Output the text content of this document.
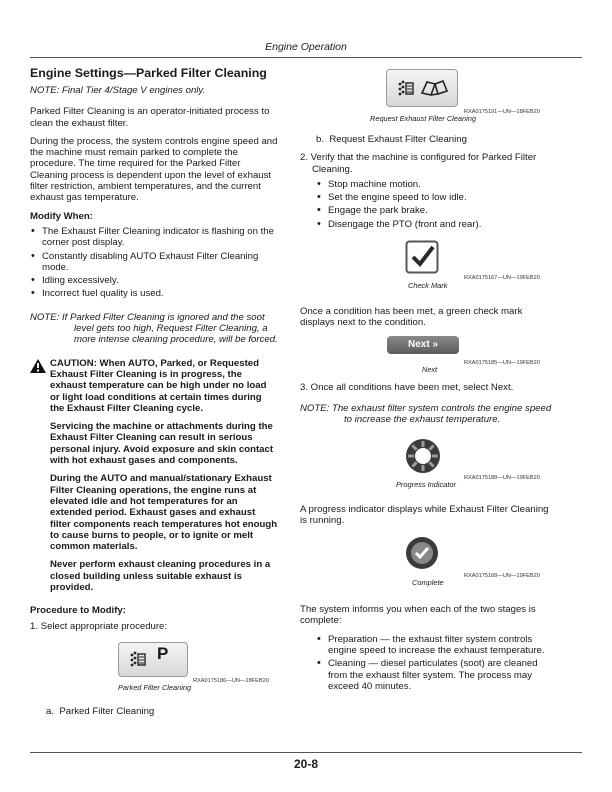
Engine Operation
Engine Settings—Parked Filter Cleaning

NOTE: Final Tier 4/Stage V engines only.

Parked Filter Cleaning is an operator-initiated process to clean the exhaust filter.

During the process, the system controls engine speed and the machine must remain parked to complete the procedure. The time required for the Parked Filter Cleaning process is dependent upon the level of exhaust filter restriction, ambient temperatures, and the current exhaust gas temperature.

Modify When:

• The Exhaust Filter Cleaning indicator is flashing on the corner post display.
• Constantly disabling AUTO Exhaust Filter Cleaning mode.
• Idling excessively.
• Incorrect fuel quality is used.

NOTE: If Parked Filter Cleaning is ignored and the soot level gets too high, Request Filter Cleaning, a more intense cleaning procedure, will be forced.

CAUTION: When AUTO, Parked, or Requested Exhaust Filter Cleaning is in progress, the exhaust temperature can be high under no load or light load conditions at certain times during the Exhaust Filter Cleaning cycle.

Servicing the machine or attachments during the Exhaust Filter Cleaning can result in serious personal injury. Avoid exposure and skin contact with hot exhaust gases and components.

During the AUTO and manual/stationary Exhaust Filter Cleaning operations, the engine runs at elevated idle and hot temperatures for an extended period. Exhaust gases and exhaust filter components reach temperatures hot enough to cause burns to people, or to ignite or melt common materials.

Never perform exhaust cleaning procedures in a closed building unless suitable exhaust is provided.

Procedure to Modify:

1. Select appropriate procedure:

P
RXA0175186—UN—18FEB20
Parked Filter Cleaning

a.  Parked Filter Cleaning

RXA0175191—UN—18FEB20
Request Exhaust Filter Cleaning

b.  Request Exhaust Filter Cleaning

2. Verify that the machine is configured for Parked Filter Cleaning.

• Stop machine motion.
• Set the engine speed to low idle.
• Engage the park brake.
• Disengage the PTO (front and rear).
RXA0175167—UN—19FEB20
Check Mark

Once a condition has been met, a green check mark displays next to the condition.

Next »
RXA0175185—UN—19FEB20
Next

3. Once all conditions have been met, select Next.

NOTE: The exhaust filter system controls the engine speed to increase the exhaust temperature.

RXA0175188—UN—19FEB20
Progress Indicator

A progress indicator displays while Exhaust Filter Cleaning is running.

RXA0175168—UN—19FEB20
Complete

The system informs you when each of the two stages is complete:

• Preparation — the exhaust filter system controls engine speed to increase the exhaust temperature.
• Cleaning — diesel particulates (soot) are cleaned from the exhaust filter system. The process may exceed 40 minutes.
20-8
